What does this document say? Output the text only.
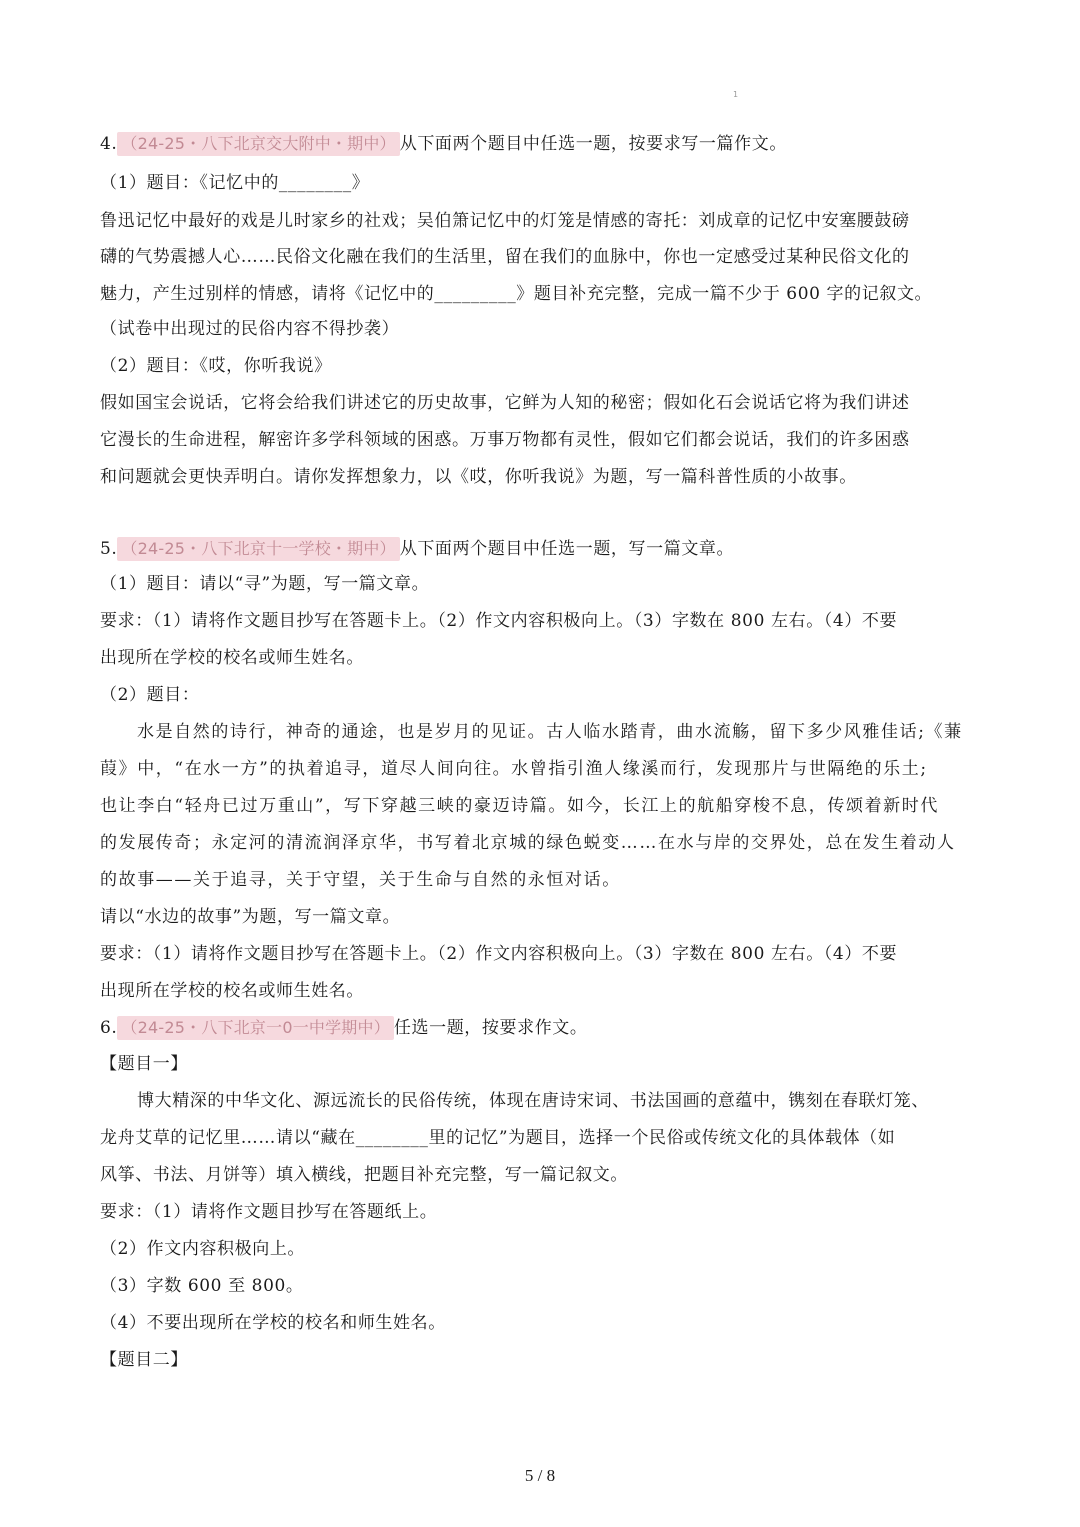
1
4. （24-25・八下北京交大附中・期中） 从下面两个题目中任选一题，按要求写一篇作文。
（1）题目：《记忆中的________》
鲁迅记忆中最好的戏是儿时家乡的社戏；吴伯箫记忆中的灯笼是情感的寄托：刘成章的记忆中安塞腰鼓磅
礴的气势震撼人心……民俗文化融在我们的生活里，留在我们的血脉中，你也一定感受过某种民俗文化的
魅力，产生过别样的情感，请将《记忆中的_________》题目补充完整，完成一篇不少于 600 字的记叙文。
（试卷中出现过的民俗内容不得抄袭）
（2）题目：《哎，你听我说》
假如国宝会说话，它将会给我们讲述它的历史故事，它鲜为人知的秘密；假如化石会说话它将为我们讲述
它漫长的生命进程，解密许多学科领域的困惑。万事万物都有灵性，假如它们都会说话，我们的许多困惑
和问题就会更快弄明白。请你发挥想象力，以《哎，你听我说》为题，写一篇科普性质的小故事。
5. （24-25・八下北京十一学校・期中） 从下面两个题目中任选一题，写一篇文章。
（1）题目：请以“寻”为题，写一篇文章。
要求：（1）请将作文题目抄写在答题卡上。（2）作文内容积极向上。（3）字数在 800 左右。（4）不要
出现所在学校的校名或师生姓名。
（2）题目：
水是自然的诗行，神奇的通途，也是岁月的见证。古人临水踏青，曲水流觞，留下多少风雅佳话;《蒹
葭》中，“在水一方”的执着追寻，道尽人间向往。水曾指引渔人缘溪而行，发现那片与世隔绝的乐土;
也让李白“轻舟已过万重山”，写下穿越三峡的豪迈诗篇。如今，长江上的航船穿梭不息，传颂着新时代
的发展传奇；永定河的清流润泽京华，书写着北京城的绿色蜕变……在水与岸的交界处，总在发生着动人
的故事——关于追寻，关于守望，关于生命与自然的永恒对话。
请以“水边的故事”为题，写一篇文章。
要求：（1）请将作文题目抄写在答题卡上。（2）作文内容积极向上。（3）字数在 800 左右。（4）不要
出现所在学校的校名或师生姓名。
6. （24-25・八下北京一0一中学期中） 任选一题，按要求作文。
【题目一】
博大精深的中华文化、源远流长的民俗传统，体现在唐诗宋词、书法国画的意蕴中，镌刻在春联灯笼、
龙舟艾草的记忆里……请以“藏在________里的记忆”为题目，选择一个民俗或传统文化的具体载体（如
风筝、书法、月饼等）填入横线，把题目补充完整，写一篇记叙文。
要求：（1）请将作文题目抄写在答题纸上。
（2）作文内容积极向上。
（3）字数 600 至 800。
（4）不要出现所在学校的校名和师生姓名。
【题目二】
5 / 8
